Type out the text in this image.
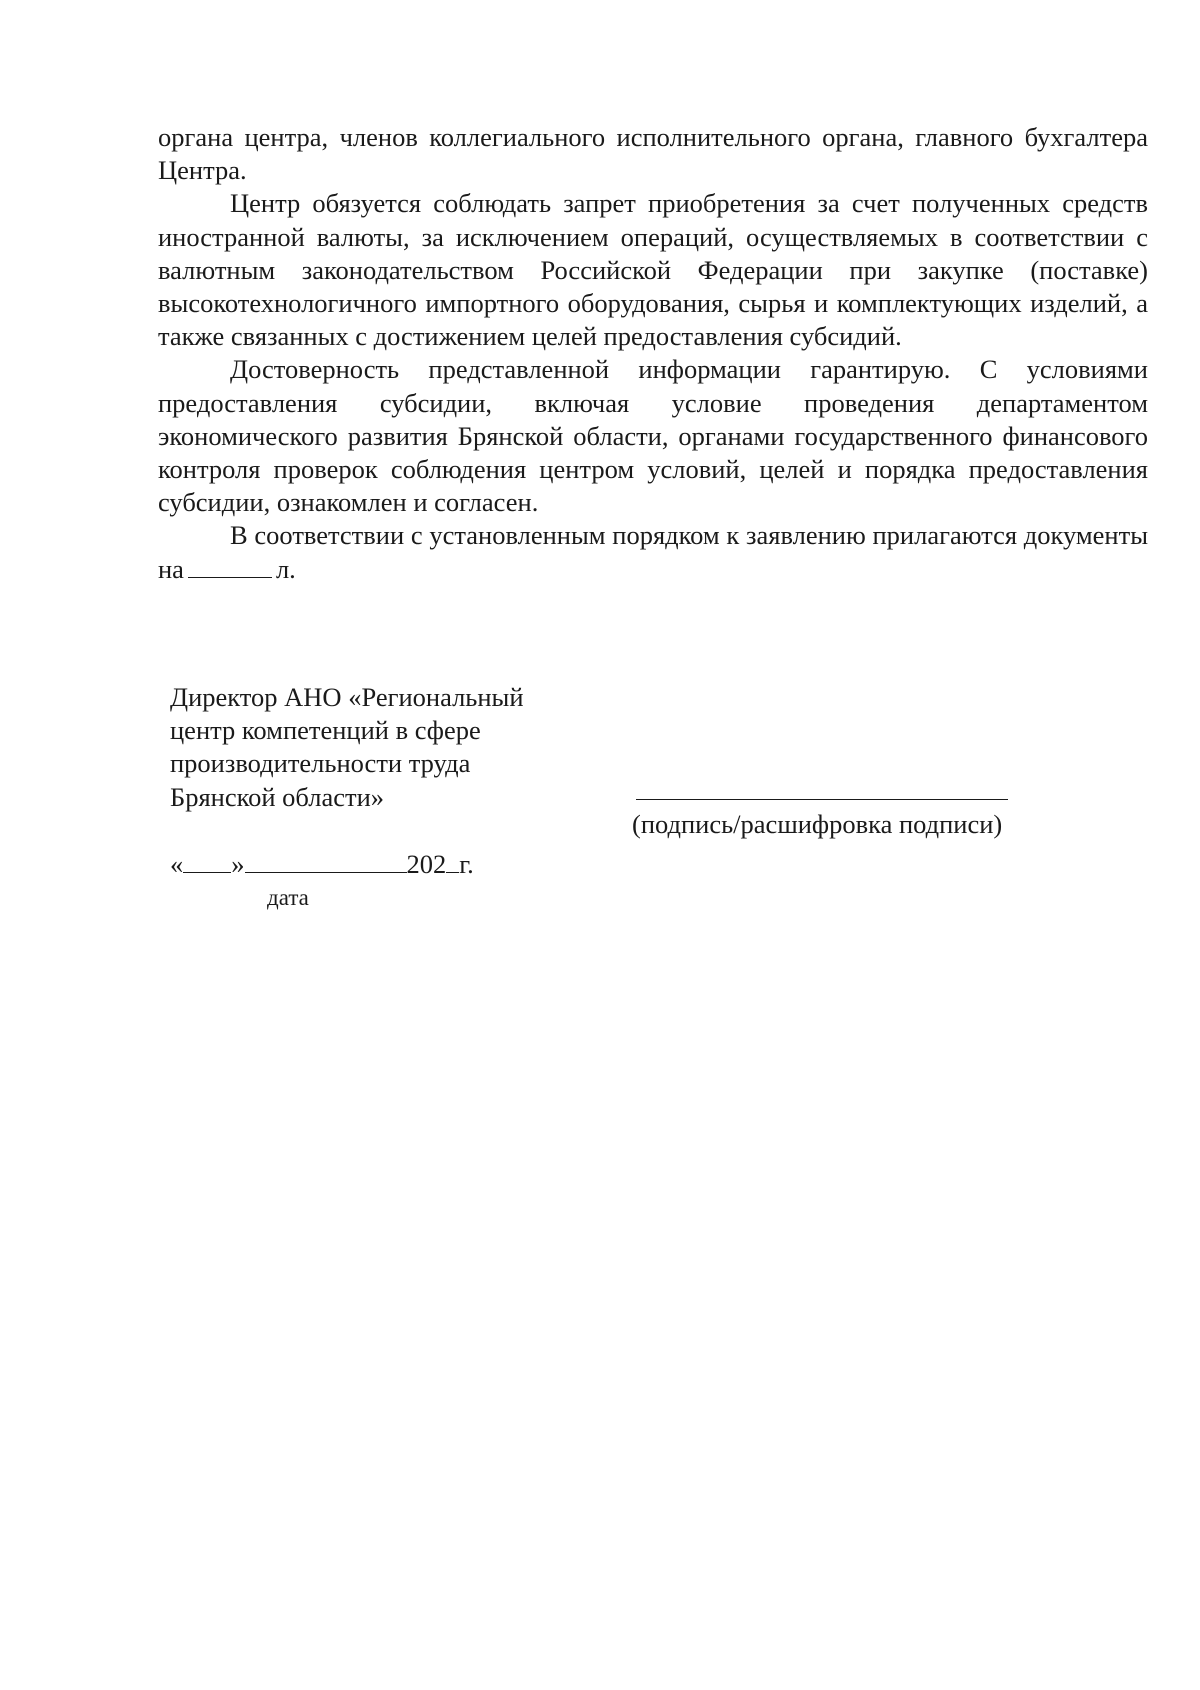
органа центра, членов коллегиального исполнительного органа, главного бухгалтера Центра.

Центр обязуется соблюдать запрет приобретения за счет полученных средств иностранной валюты, за исключением операций, осуществляемых в соответствии с валютным законодательством Российской Федерации при закупке (поставке) высокотехнологичного импортного оборудования, сырья и комплектующих изделий, а также связанных с достижением целей предоставления субсидий.

Достоверность представленной информации гарантирую. С условиями предоставления субсидии, включая условие проведения департаментом экономического развития Брянской области, органами государственного финансового контроля проверок соблюдения центром условий, целей и порядка предоставления субсидии, ознакомлен и согласен.

В соответствии с установленным порядком к заявлению прилагаются документы на	л.

Директор АНО «Региональный
центр компетенций в сфере
производительности труда
Брянской области»
(подпись/расшифровка подписи)
« »	202 г.
дата
